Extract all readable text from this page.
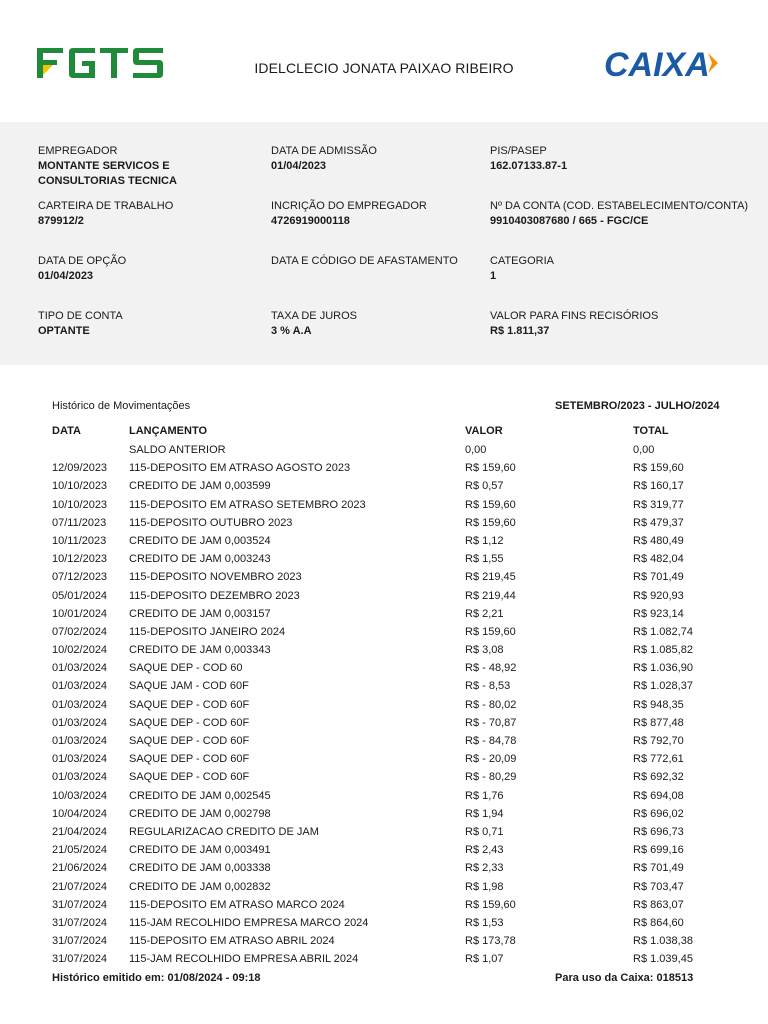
IDELCLECIO JONATA PAIXAO RIBEIRO	CAIXA
EMPREGADOR
MONTANTE SERVICOS E CONSULTORIAS TECNICA
DATA DE ADMISSÃO
01/04/2023
PIS/PASEP
162.07133.87-1
CARTEIRA DE TRABALHO
879912/2
INCRIÇÃO DO EMPREGADOR
4726919000118
Nº DA CONTA (COD. ESTABELECIMENTO/CONTA)
9910403087680 / 665 - FGC/CE
DATA DE OPÇÃO
01/04/2023
DATA E CÓDIGO DE AFASTAMENTO	CATEGORIA
1
TIPO DE CONTA
OPTANTE
TAXA DE JUROS
3 % A.A
VALOR PARA FINS RECISÓRIOS
R$ 1.811,37
Histórico de Movimentações	SETEMBRO/2023 - JULHO/2024
DATA	LANÇAMENTO	VALOR	TOTAL
SALDO ANTERIOR	0,00	0,00
12/09/2023 115-DEPOSITO EM ATRASO AGOSTO 2023	R$ 159,60	R$ 159,60
10/10/2023 CREDITO DE JAM 0,003599	R$ 0,57	R$ 160,17
10/10/2023 115-DEPOSITO EM ATRASO SETEMBRO 2023	R$ 159,60	R$ 319,77
07/11/2023 115-DEPOSITO OUTUBRO 2023	R$ 159,60	R$ 479,37
10/11/2023 CREDITO DE JAM 0,003524	R$ 1,12	R$ 480,49
10/12/2023 CREDITO DE JAM 0,003243	R$ 1,55	R$ 482,04
07/12/2023 115-DEPOSITO NOVEMBRO 2023	R$ 219,45	R$ 701,49
05/01/2024 115-DEPOSITO DEZEMBRO 2023	R$ 219,44	R$ 920,93
10/01/2024 CREDITO DE JAM 0,003157	R$ 2,21	R$ 923,14
07/02/2024 115-DEPOSITO JANEIRO 2024	R$ 159,60	R$ 1.082,74
10/02/2024 CREDITO DE JAM 0,003343	R$ 3,08	R$ 1.085,82
01/03/2024 SAQUE DEP - COD 60	R$ - 48,92	R$ 1.036,90
01/03/2024 SAQUE JAM - COD 60F	R$ - 8,53	R$ 1.028,37
01/03/2024 SAQUE DEP - COD 60F	R$ - 80,02	R$ 948,35
01/03/2024 SAQUE DEP - COD 60F	R$ - 70,87	R$ 877,48
01/03/2024 SAQUE DEP - COD 60F	R$ - 84,78	R$ 792,70
01/03/2024 SAQUE DEP - COD 60F	R$ - 20,09	R$ 772,61
01/03/2024 SAQUE DEP - COD 60F	R$ - 80,29	R$ 692,32
10/03/2024 CREDITO DE JAM 0,002545	R$ 1,76	R$ 694,08
10/04/2024 CREDITO DE JAM 0,002798	R$ 1,94	R$ 696,02
21/04/2024 REGULARIZACAO CREDITO DE JAM	R$ 0,71	R$ 696,73
21/05/2024 CREDITO DE JAM 0,003491	R$ 2,43	R$ 699,16
21/06/2024 CREDITO DE JAM 0,003338	R$ 2,33	R$ 701,49
21/07/2024 CREDITO DE JAM 0,002832	R$ 1,98	R$ 703,47
31/07/2024 115-DEPOSITO EM ATRASO MARCO 2024	R$ 159,60	R$ 863,07
31/07/2024 115-JAM RECOLHIDO EMPRESA MARCO 2024	R$ 1,53	R$ 864,60
31/07/2024 115-DEPOSITO EM ATRASO ABRIL 2024	R$ 173,78	R$ 1.038,38
31/07/2024 115-JAM RECOLHIDO EMPRESA ABRIL 2024	R$ 1,07	R$ 1.039,45
Histórico emitido em: 01/08/2024 - 09:18	Para uso da Caixa: 018513
